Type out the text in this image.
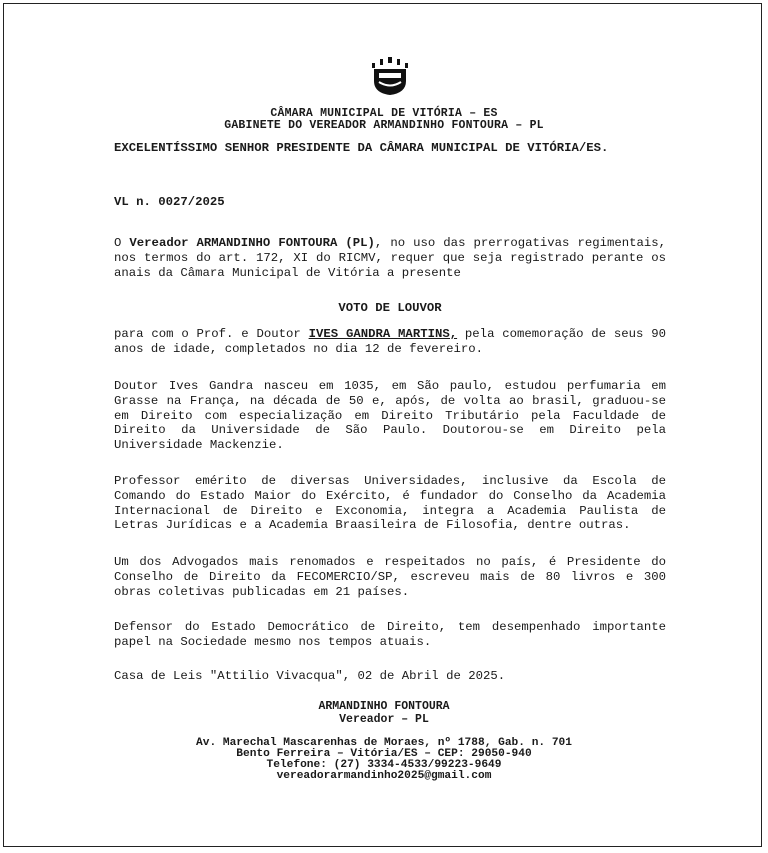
CÂMARA MUNICIPAL DE VITÓRIA – ES
GABINETE DO VEREADOR ARMANDINHO FONTOURA – PL
EXCELENTÍSSIMO SENHOR PRESIDENTE DA CÂMARA MUNICIPAL DE VITÓRIA/ES.
VL n. 0027/2025
O Vereador ARMANDINHO FONTOURA (PL), no uso das prerrogativas regimentais, nos termos do art. 172, XI do RICMV, requer que seja registrado perante os anais da Câmara Municipal de Vitória a presente
VOTO DE LOUVOR
para com o Prof. e Doutor IVES GANDRA MARTINS, pela comemoração de seus 90 anos de idade, completados no dia 12 de fevereiro.
Doutor Ives Gandra nasceu em 1035, em São paulo, estudou perfumaria em Grasse na França, na década de 50 e, após, de volta ao brasil, graduou-se em Direito com especialização em Direito Tributário pela Faculdade de Direito da Universidade de São Paulo. Doutorou-se em Direito pela Universidade Mackenzie.
Professor emérito de diversas Universidades, inclusive da Escola de Comando do Estado Maior do Exército, é fundador do Conselho da Academia Internacional de Direito e Exconomia, integra a Academia Paulista de Letras Jurídicas e a Academia Braasileira de Filosofia, dentre outras.
Um dos Advogados mais renomados e respeitados no país, é Presidente do Conselho de Direito da FECOMERCIO/SP, escreveu mais de 80 livros e 300 obras coletivas publicadas em 21 países.
Defensor do Estado Democrático de Direito, tem desempenhado importante papel na Sociedade mesmo nos tempos atuais.
Casa de Leis "Attilio Vivacqua", 02 de Abril de 2025.
ARMANDINHO FONTOURA
Vereador – PL
Av. Marechal Mascarenhas de Moraes, nº 1788, Gab. n. 701
Bento Ferreira – Vitória/ES – CEP: 29050-940
Telefone: (27) 3334-4533/99223-9649
vereadorarmandinho2025@gmail.com
